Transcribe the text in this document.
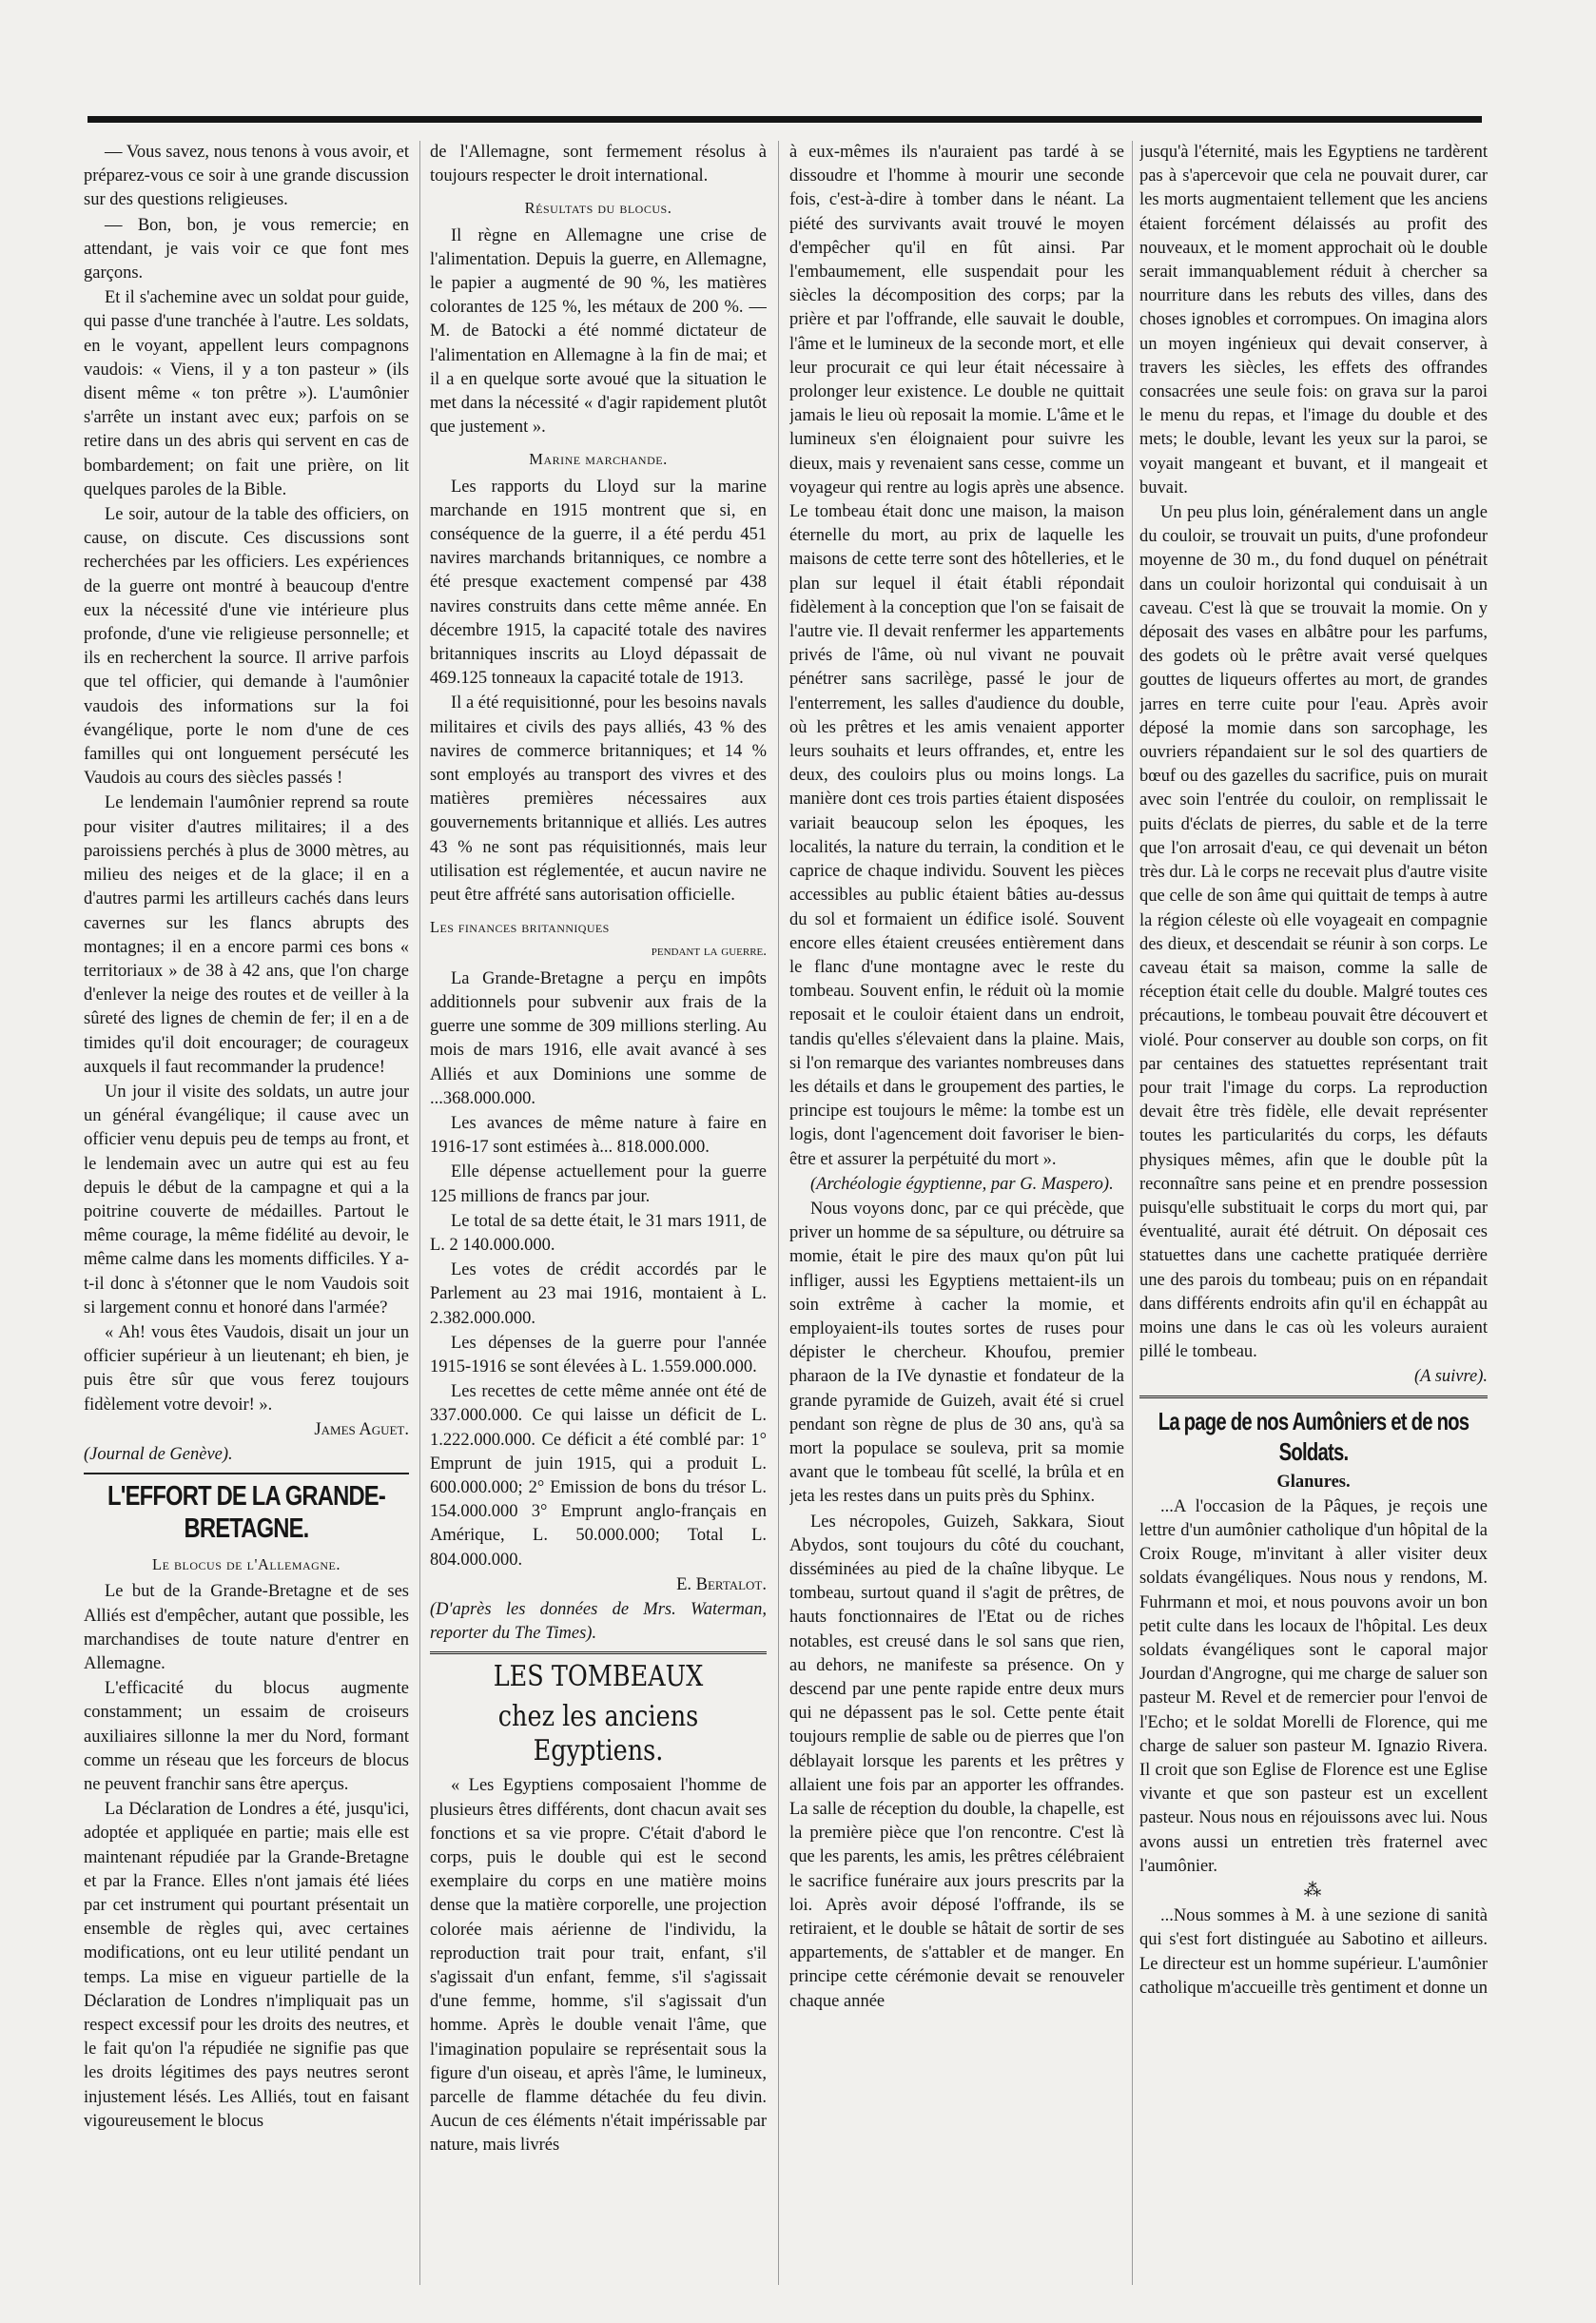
— Vous savez, nous tenons à vous avoir, et préparez-vous ce soir à une grande discussion sur des questions religieuses.

— Bon, bon, je vous remercie; en attendant, je vais voir ce que font mes garçons.

Et il s'achemine avec un soldat pour guide, qui passe d'une tranchée à l'autre. Les soldats, en le voyant, appellent leurs compagnons vaudois: « Viens, il y a ton pasteur » (ils disent même « ton prêtre »). L'aumônier s'arrête un instant avec eux; parfois on se retire dans un des abris qui servent en cas de bombardement; on fait une prière, on lit quelques paroles de la Bible.

Le soir, autour de la table des officiers, on cause, on discute. Ces discussions sont recherchées par les officiers. Les expériences de la guerre ont montré à beaucoup d'entre eux la nécessité d'une vie intérieure plus profonde, d'une vie religieuse personnelle; et ils en recherchent la source. Il arrive parfois que tel officier, qui demande à l'aumônier vaudois des informations sur la foi évangélique, porte le nom d'une de ces familles qui ont longuement persécuté les Vaudois au cours des siècles passés !

Le lendemain l'aumônier reprend sa route pour visiter d'autres militaires; il a des paroissiens perchés à plus de 3000 mètres, au milieu des neiges et de la glace; il en a d'autres parmi les artilleurs cachés dans leurs cavernes sur les flancs abrupts des montagnes; il en a encore parmi ces bons « territoriaux » de 38 à 42 ans, que l'on charge d'enlever la neige des routes et de veiller à la sûreté des lignes de chemin de fer; il en a de timides qu'il doit encourager; de courageux auxquels il faut recommander la prudence!

Un jour il visite des soldats, un autre jour un général évangélique; il cause avec un officier venu depuis peu de temps au front, et le lendemain avec un autre qui est au feu depuis le début de la campagne et qui a la poitrine couverte de médailles. Partout le même courage, la même fidélité au devoir, le même calme dans les moments difficiles. Y a-t-il donc à s'étonner que le nom Vaudois soit si largement connu et honoré dans l'armée?

« Ah! vous êtes Vaudois, disait un jour un officier supérieur à un lieutenant; eh bien, je puis être sûr que vous ferez toujours fidèlement votre devoir! ».

James Aguet.

(Journal de Genève).

L'EFFORT DE LA GRANDE-BRETAGNE.

Le blocus de l'Allemagne.

Le but de la Grande-Bretagne et de ses Alliés est d'empêcher, autant que possible, les marchandises de toute nature d'entrer en Allemagne.

L'efficacité du blocus augmente constamment; un essaim de croiseurs auxiliaires sillonne la mer du Nord, formant comme un réseau que les forceurs de blocus ne peuvent franchir sans être aperçus.

La Déclaration de Londres a été, jusqu'ici, adoptée et appliquée en partie; mais elle est maintenant répudiée par la Grande-Bretagne et par la France. Elles n'ont jamais été liées par cet instrument qui pourtant présentait un ensemble de règles qui, avec certaines modifications, ont eu leur utilité pendant un temps. La mise en vigueur partielle de la Déclaration de Londres n'impliquait pas un respect excessif pour les droits des neutres, et le fait qu'on l'a répudiée ne signifie pas que les droits légitimes des pays neutres seront injustement lésés. Les Alliés, tout en faisant vigoureusement le blocus

de l'Allemagne, sont fermement résolus à toujours respecter le droit international.

Résultats du blocus.

Il règne en Allemagne une crise de l'alimentation. Depuis la guerre, en Allemagne, le papier a augmenté de 90 %, les matières colorantes de 125 %, les métaux de 200 %. — M. de Batocki a été nommé dictateur de l'alimentation en Allemagne à la fin de mai; et il a en quelque sorte avoué que la situation le met dans la nécessité « d'agir rapidement plutôt que justement ».

Marine marchande.

Les rapports du Lloyd sur la marine marchande en 1915 montrent que si, en conséquence de la guerre, il a été perdu 451 navires marchands britanniques, ce nombre a été presque exactement compensé par 438 navires construits dans cette même année. En décembre 1915, la capacité totale des navires britanniques inscrits au Lloyd dépassait de 469.125 tonneaux la capacité totale de 1913.

Il a été requisitionné, pour les besoins navals militaires et civils des pays alliés, 43 % des navires de commerce britanniques; et 14 % sont employés au transport des vivres et des matières premières nécessaires aux gouvernements britannique et alliés. Les autres 43 % ne sont pas réquisitionnés, mais leur utilisation est réglementée, et aucun navire ne peut être affrété sans autorisation officielle.

Les finances britanniques

pendant la guerre.

La Grande-Bretagne a perçu en impôts additionnels pour subvenir aux frais de la guerre une somme de 309 millions sterling. Au mois de mars 1916, elle avait avancé à ses Alliés et aux Dominions une somme de ...368.000.000.

Les avances de même nature à faire en 1916-17 sont estimées à... 818.000.000.

Elle dépense actuellement pour la guerre 125 millions de francs par jour.

Le total de sa dette était, le 31 mars 1911, de L. 2 140.000.000.

Les votes de crédit accordés par le Parlement au 23 mai 1916, montaient à L. 2.382.000.000.

Les dépenses de la guerre pour l'année 1915-1916 se sont élevées à L. 1.559.000.000.

Les recettes de cette même année ont été de 337.000.000. Ce qui laisse un déficit de L. 1.222.000.000. Ce déficit a été comblé par: 1° Emprunt de juin 1915, qui a produit L. 600.000.000; 2° Emission de bons du trésor L. 154.000.000 3° Emprunt anglo-français en Amérique, L. 50.000.000; Total L. 804.000.000.

E. Bertalot.

(D'après les données de Mrs. Waterman, reporter du The Times).

LES TOMBEAUX

chez les anciens Egyptiens.

« Les Egyptiens composaient l'homme de plusieurs êtres différents, dont chacun avait ses fonctions et sa vie propre. C'était d'abord le corps, puis le double qui est le second exemplaire du corps en une matière moins dense que la matière corporelle, une projection colorée mais aérienne de l'individu, la reproduction trait pour trait, enfant, s'il s'agissait d'un enfant, femme, s'il s'agissait d'une femme, homme, s'il s'agissait d'un homme. Après le double venait l'âme, que l'imagination populaire se représentait sous la figure d'un oiseau, et après l'âme, le lumineux, parcelle de flamme détachée du feu divin. Aucun de ces éléments n'était impérissable par nature, mais livrés

à eux-mêmes ils n'auraient pas tardé à se dissoudre et l'homme à mourir une seconde fois, c'est-à-dire à tomber dans le néant. La piété des survivants avait trouvé le moyen d'empêcher qu'il en fût ainsi. Par l'embaumement, elle suspendait pour les siècles la décomposition des corps; par la prière et par l'offrande, elle sauvait le double, l'âme et le lumineux de la seconde mort, et elle leur procurait ce qui leur était nécessaire à prolonger leur existence. Le double ne quittait jamais le lieu où reposait la momie. L'âme et le lumineux s'en éloignaient pour suivre les dieux, mais y revenaient sans cesse, comme un voyageur qui rentre au logis après une absence. Le tombeau était donc une maison, la maison éternelle du mort, au prix de laquelle les maisons de cette terre sont des hôtelleries, et le plan sur lequel il était établi répondait fidèlement à la conception que l'on se faisait de l'autre vie. Il devait renfermer les appartements privés de l'âme, où nul vivant ne pouvait pénétrer sans sacrilège, passé le jour de l'enterrement, les salles d'audience du double, où les prêtres et les amis venaient apporter leurs souhaits et leurs offrandes, et, entre les deux, des couloirs plus ou moins longs. La manière dont ces trois parties étaient disposées variait beaucoup selon les époques, les localités, la nature du terrain, la condition et le caprice de chaque individu. Souvent les pièces accessibles au public étaient bâties au-dessus du sol et formaient un édifice isolé. Souvent encore elles étaient creusées entièrement dans le flanc d'une montagne avec le reste du tombeau. Souvent enfin, le réduit où la momie reposait et le couloir étaient dans un endroit, tandis qu'elles s'élevaient dans la plaine. Mais, si l'on remarque des variantes nombreuses dans les détails et dans le groupement des parties, le principe est toujours le même: la tombe est un logis, dont l'agencement doit favoriser le bien-être et assurer la perpétuité du mort ».

(Archéologie égyptienne, par G. Maspero).

Nous voyons donc, par ce qui précède, que priver un homme de sa sépulture, ou détruire sa momie, était le pire des maux qu'on pût lui infliger, aussi les Egyptiens mettaient-ils un soin extrême à cacher la momie, et employaient-ils toutes sortes de ruses pour dépister le chercheur. Khoufou, premier pharaon de la IVe dynastie et fondateur de la grande pyramide de Guizeh, avait été si cruel pendant son règne de plus de 30 ans, qu'à sa mort la populace se souleva, prit sa momie avant que le tombeau fût scellé, la brûla et en jeta les restes dans un puits près du Sphinx.

Les nécropoles, Guizeh, Sakkara, Siout Abydos, sont toujours du côté du couchant, disséminées au pied de la chaîne libyque. Le tombeau, surtout quand il s'agit de prêtres, de hauts fonctionnaires de l'Etat ou de riches notables, est creusé dans le sol sans que rien, au dehors, ne manifeste sa présence. On y descend par une pente rapide entre deux murs qui ne dépassent pas le sol. Cette pente était toujours remplie de sable ou de pierres que l'on déblayait lorsque les parents et les prêtres y allaient une fois par an apporter les offrandes. La salle de réception du double, la chapelle, est la première pièce que l'on rencontre. C'est là que les parents, les amis, les prêtres célébraient le sacrifice funéraire aux jours prescrits par la loi. Après avoir déposé l'offrande, ils se retiraient, et le double se hâtait de sortir de ses appartements, de s'attabler et de manger. En principe cette cérémonie devait se renouveler chaque année

jusqu'à l'éternité, mais les Egyptiens ne tardèrent pas à s'apercevoir que cela ne pouvait durer, car les morts augmentaient tellement que les anciens étaient forcément délaissés au profit des nouveaux, et le moment approchait où le double serait immanquablement réduit à chercher sa nourriture dans les rebuts des villes, dans des choses ignobles et corrompues. On imagina alors un moyen ingénieux qui devait conserver, à travers les siècles, les effets des offrandes consacrées une seule fois: on grava sur la paroi le menu du repas, et l'image du double et des mets; le double, levant les yeux sur la paroi, se voyait mangeant et buvant, et il mangeait et buvait.

Un peu plus loin, généralement dans un angle du couloir, se trouvait un puits, d'une profondeur moyenne de 30 m., du fond duquel on pénétrait dans un couloir horizontal qui conduisait à un caveau. C'est là que se trouvait la momie. On y déposait des vases en albâtre pour les parfums, des godets où le prêtre avait versé quelques gouttes de liqueurs offertes au mort, de grandes jarres en terre cuite pour l'eau. Après avoir déposé la momie dans son sarcophage, les ouvriers répandaient sur le sol des quartiers de bœuf ou des gazelles du sacrifice, puis on murait avec soin l'entrée du couloir, on remplissait le puits d'éclats de pierres, du sable et de la terre que l'on arrosait d'eau, ce qui devenait un béton très dur. Là le corps ne recevait plus d'autre visite que celle de son âme qui quittait de temps à autre la région céleste où elle voyageait en compagnie des dieux, et descendait se réunir à son corps. Le caveau était sa maison, comme la salle de réception était celle du double. Malgré toutes ces précautions, le tombeau pouvait être découvert et violé. Pour conserver au double son corps, on fit par centaines des statuettes représentant trait pour trait l'image du corps. La reproduction devait être très fidèle, elle devait représenter toutes les particularités du corps, les défauts physiques mêmes, afin que le double pût la reconnaître sans peine et en prendre possession puisqu'elle substituait le corps du mort qui, par éventualité, aurait été détruit. On déposait ces statuettes dans une cachette pratiquée derrière une des parois du tombeau; puis on en répandait dans différents endroits afin qu'il en échappât au moins une dans le cas où les voleurs auraient pillé le tombeau.

(A suivre).

La page de nos Aumôniers et de nos Soldats.

Glanures.

...A l'occasion de la Pâques, je reçois une lettre d'un aumônier catholique d'un hôpital de la Croix Rouge, m'invitant à aller visiter deux soldats évangéliques. Nous nous y rendons, M. Fuhrmann et moi, et nous pouvons avoir un bon petit culte dans les locaux de l'hôpital. Les deux soldats évangéliques sont le caporal major Jourdan d'Angrogne, qui me charge de saluer son pasteur M. Revel et de remercier pour l'envoi de l'Echo; et le soldat Morelli de Florence, qui me charge de saluer son pasteur M. Ignazio Rivera. Il croit que son Eglise de Florence est une Eglise vivante et que son pasteur est un excellent pasteur. Nous nous en réjouissons avec lui. Nous avons aussi un entretien très fraternel avec l'aumônier.

⁂

...Nous sommes à M. à une sezione di sanità qui s'est fort distinguée au Sabotino et ailleurs. Le directeur est un homme supérieur. L'aumônier catholique m'accueille très gentiment et donne un
